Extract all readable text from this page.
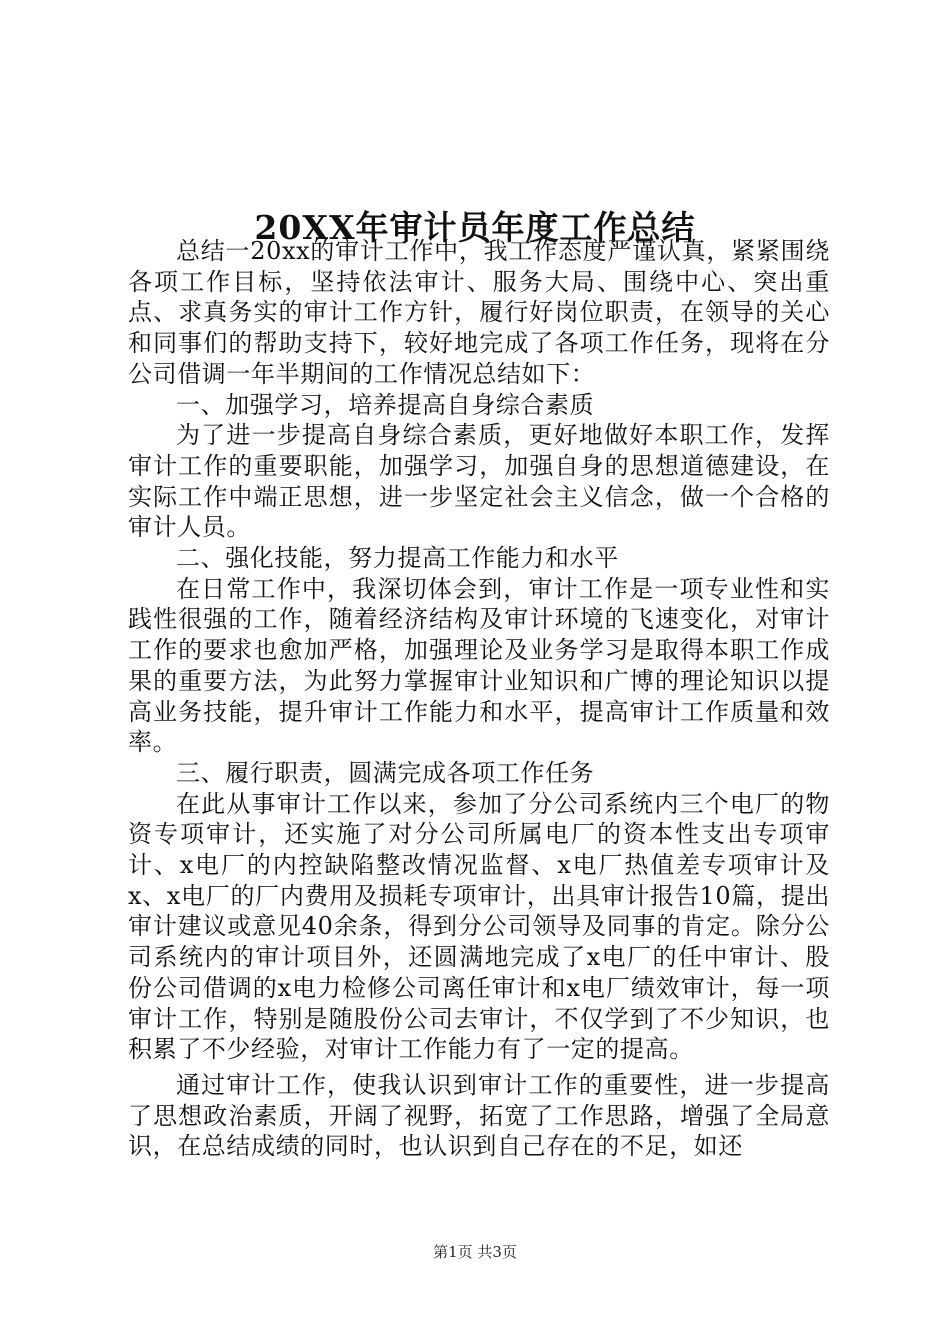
20XX年审计员年度工作总结

总结一20xx的审计工作中，我工作态度严谨认真，紧紧围绕各项工作目标，坚持依法审计、服务大局、围绕中心、突出重点、求真务实的审计工作方针，履行好岗位职责，在领导的关心和同事们的帮助支持下，较好地完成了各项工作任务，现将在分公司借调一年半期间的工作情况总结如下：

一、加强学习，培养提高自身综合素质

为了进一步提高自身综合素质，更好地做好本职工作，发挥审计工作的重要职能，加强学习，加强自身的思想道德建设，在实际工作中端正思想，进一步坚定社会主义信念，做一个合格的审计人员。

二、强化技能，努力提高工作能力和水平

在日常工作中，我深切体会到，审计工作是一项专业性和实践性很强的工作，随着经济结构及审计环境的飞速变化，对审计工作的要求也愈加严格，加强理论及业务学习是取得本职工作成果的重要方法，为此努力掌握审计业知识和广博的理论知识以提高业务技能，提升审计工作能力和水平，提高审计工作质量和效率。

三、履行职责，圆满完成各项工作任务

在此从事审计工作以来，参加了分公司系统内三个电厂的物资专项审计，还实施了对分公司所属电厂的资本性支出专项审计、x电厂的内控缺陷整改情况监督、x电厂热值差专项审计及x、x电厂的厂内费用及损耗专项审计，出具审计报告10篇，提出审计建议或意见40余条，得到分公司领导及同事的肯定。除分公司系统内的审计项目外，还圆满地完成了x电厂的任中审计、股份公司借调的x电力检修公司离任审计和x电厂绩效审计，每一项审计工作，特别是随股份公司去审计，不仅学到了不少知识，也积累了不少经验，对审计工作能力有了一定的提高。

通过审计工作，使我认识到审计工作的重要性，进一步提高了思想政治素质，开阔了视野，拓宽了工作思路，增强了全局意识，在总结成绩的同时，也认识到自己存在的不足，如还

第1页 共3页
